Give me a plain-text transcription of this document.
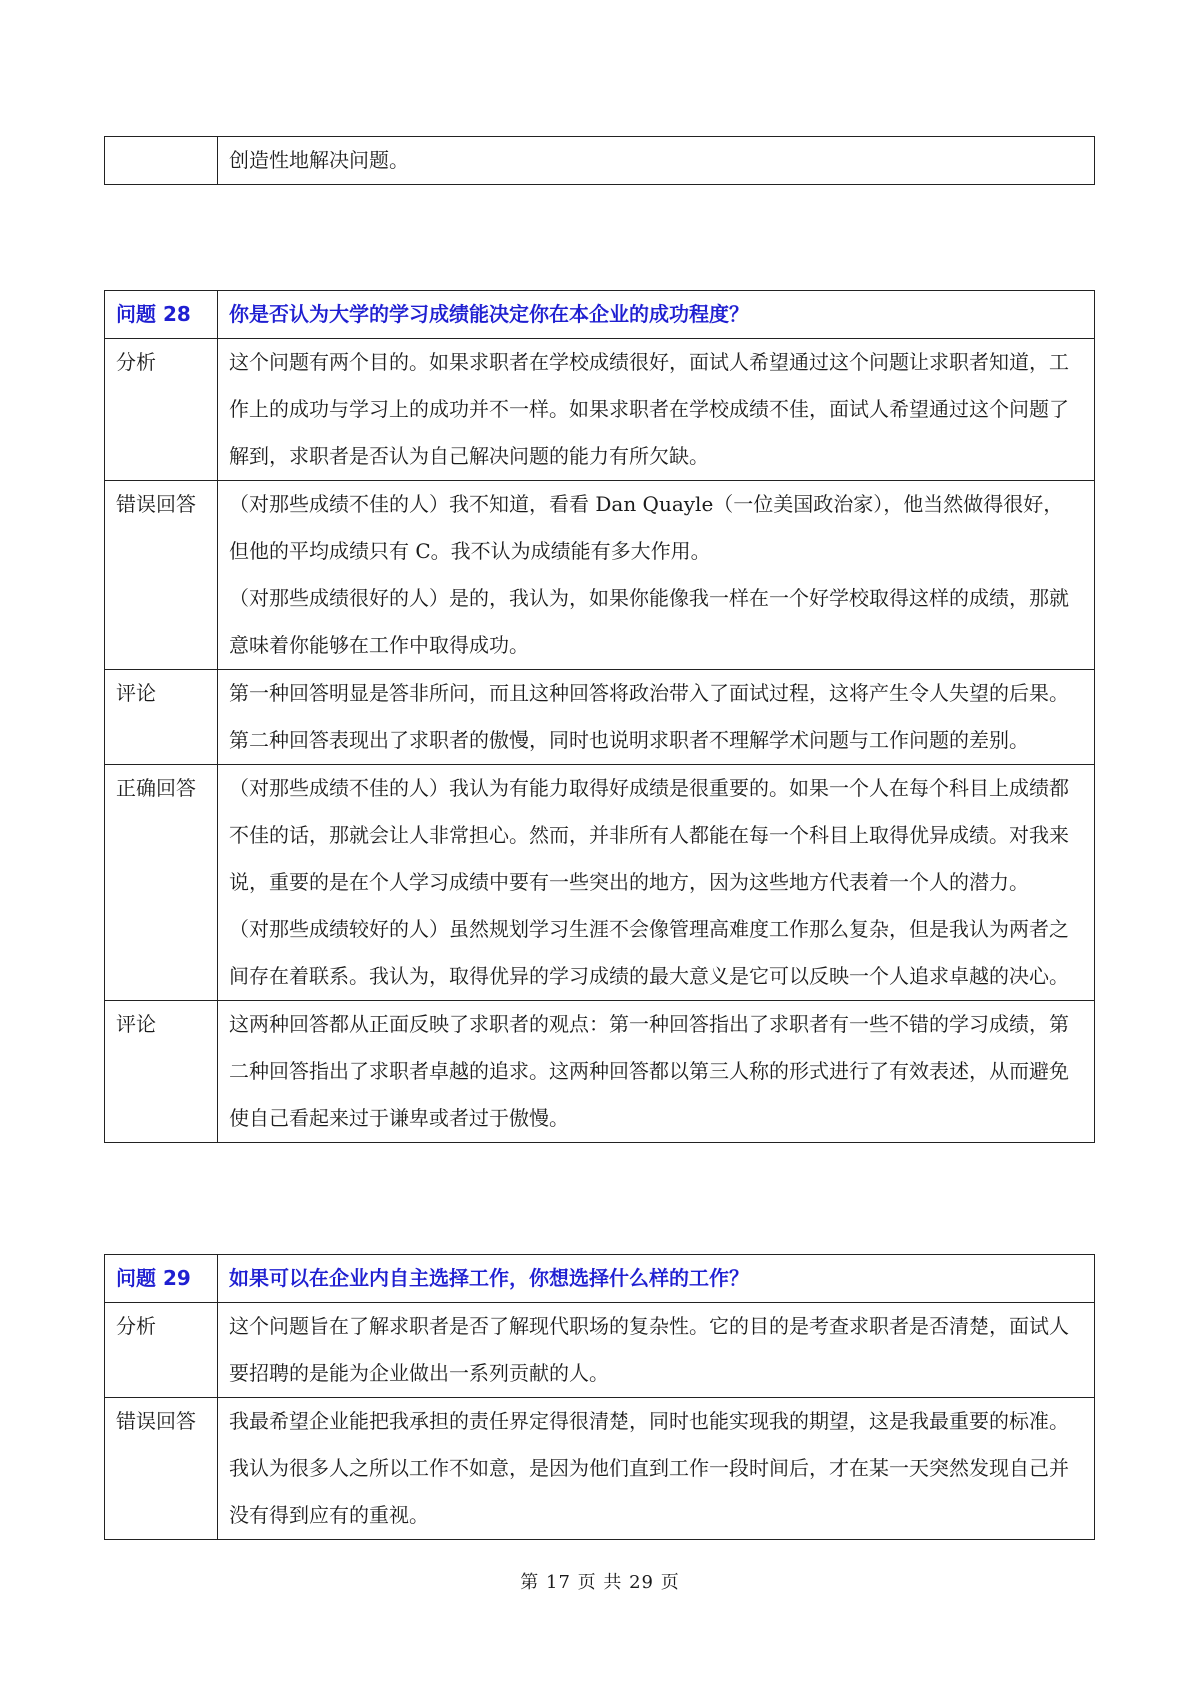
	创造性地解决问题。
问题 28	你是否认为大学的学习成绩能决定你在本企业的成功程度？
分析	这个问题有两个目的。如果求职者在学校成绩很好，面试人希望通过这个问题让求职者知道，工作上的成功与学习上的成功并不一样。如果求职者在学校成绩不佳，面试人希望通过这个问题了解到，求职者是否认为自己解决问题的能力有所欠缺。

错误回答	（对那些成绩不佳的人）我不知道，看看 Dan Quayle（一位美国政治家），他当然做得很好，但他的平均成绩只有 C。我不认为成绩能有多大作用。

（对那些成绩很好的人）是的，我认为，如果你能像我一样在一个好学校取得这样的成绩，那就意味着你能够在工作中取得成功。

评论	第一种回答明显是答非所问，而且这种回答将政治带入了面试过程，这将产生令人失望的后果。第二种回答表现出了求职者的傲慢，同时也说明求职者不理解学术问题与工作问题的差别。

正确回答	（对那些成绩不佳的人）我认为有能力取得好成绩是很重要的。如果一个人在每个科目上成绩都不佳的话，那就会让人非常担心。然而，并非所有人都能在每一个科目上取得优异成绩。对我来说，重要的是在个人学习成绩中要有一些突出的地方，因为这些地方代表着一个人的潜力。

（对那些成绩较好的人）虽然规划学习生涯不会像管理高难度工作那么复杂，但是我认为两者之间存在着联系。我认为，取得优异的学习成绩的最大意义是它可以反映一个人追求卓越的决心。

评论	这两种回答都从正面反映了求职者的观点：第一种回答指出了求职者有一些不错的学习成绩，第二种回答指出了求职者卓越的追求。这两种回答都以第三人称的形式进行了有效表述，从而避免使自己看起来过于谦卑或者过于傲慢。

问题 29	如果可以在企业内自主选择工作，你想选择什么样的工作？
分析	这个问题旨在了解求职者是否了解现代职场的复杂性。它的目的是考查求职者是否清楚，面试人要招聘的是能为企业做出一系列贡献的人。

错误回答	我最希望企业能把我承担的责任界定得很清楚，同时也能实现我的期望，这是我最重要的标准。我认为很多人之所以工作不如意，是因为他们直到工作一段时间后，才在某一天突然发现自己并没有得到应有的重视。

第 17 页 共 29 页
